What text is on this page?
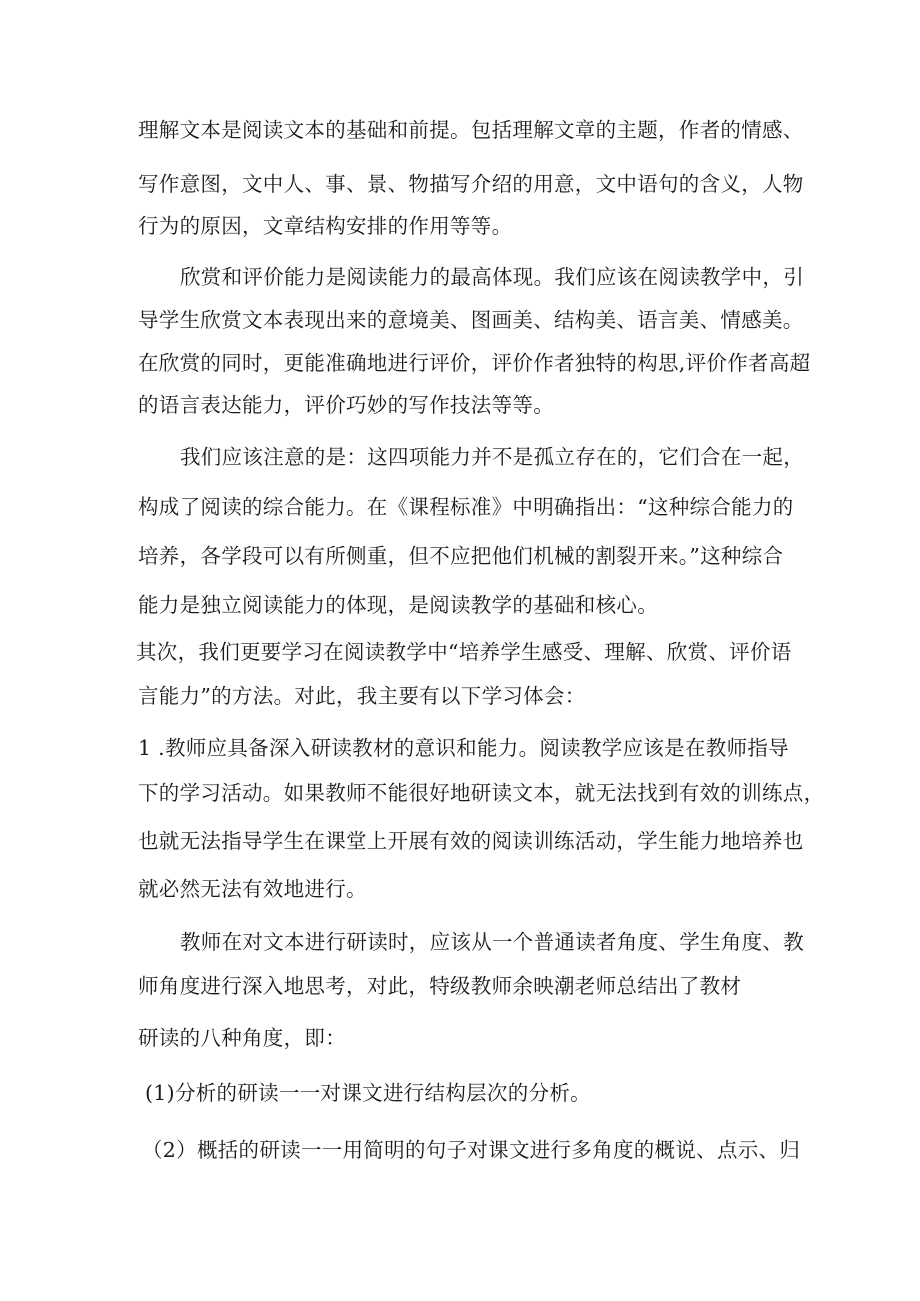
理解文本是阅读文本的基础和前提。包括理解文章的主题，作者的情感、
写作意图，文中人、事、景、物描写介绍的用意，文中语句的含义，人物
行为的原因，文章结构安排的作用等等。
欣赏和评价能力是阅读能力的最高体现。我们应该在阅读教学中，引
导学生欣赏文本表现出来的意境美、图画美、结构美、语言美、情感美。
在欣赏的同时，更能准确地进行评价，评价作者独特的构思,评价作者高超
的语言表达能力，评价巧妙的写作技法等等。
我们应该注意的是：这四项能力并不是孤立存在的，它们合在一起，
构成了阅读的综合能力。在《课程标准》中明确指出：“这种综合能力的
培养，各学段可以有所侧重，但不应把他们机械的割裂开来。”这种综合
能力是独立阅读能力的体现，是阅读教学的基础和核心。
其次，我们更要学习在阅读教学中“培养学生感受、理解、欣赏、评价语
言能力”的方法。对此，我主要有以下学习体会：
1 .教师应具备深入研读教材的意识和能力。阅读教学应该是在教师指导
下的学习活动。如果教师不能很好地研读文本，就无法找到有效的训练点，
也就无法指导学生在课堂上开展有效的阅读训练活动，学生能力地培养也
就必然无法有效地进行。
教师在对文本进行研读时，应该从一个普通读者角度、学生角度、教
师角度进行深入地思考，对此，特级教师余映潮老师总结出了教材
研读的八种角度，即：
(1)分析的研读一一对课文进行结构层次的分析。
（2）概括的研读一一用简明的句子对课文进行多角度的概说、点示、归
